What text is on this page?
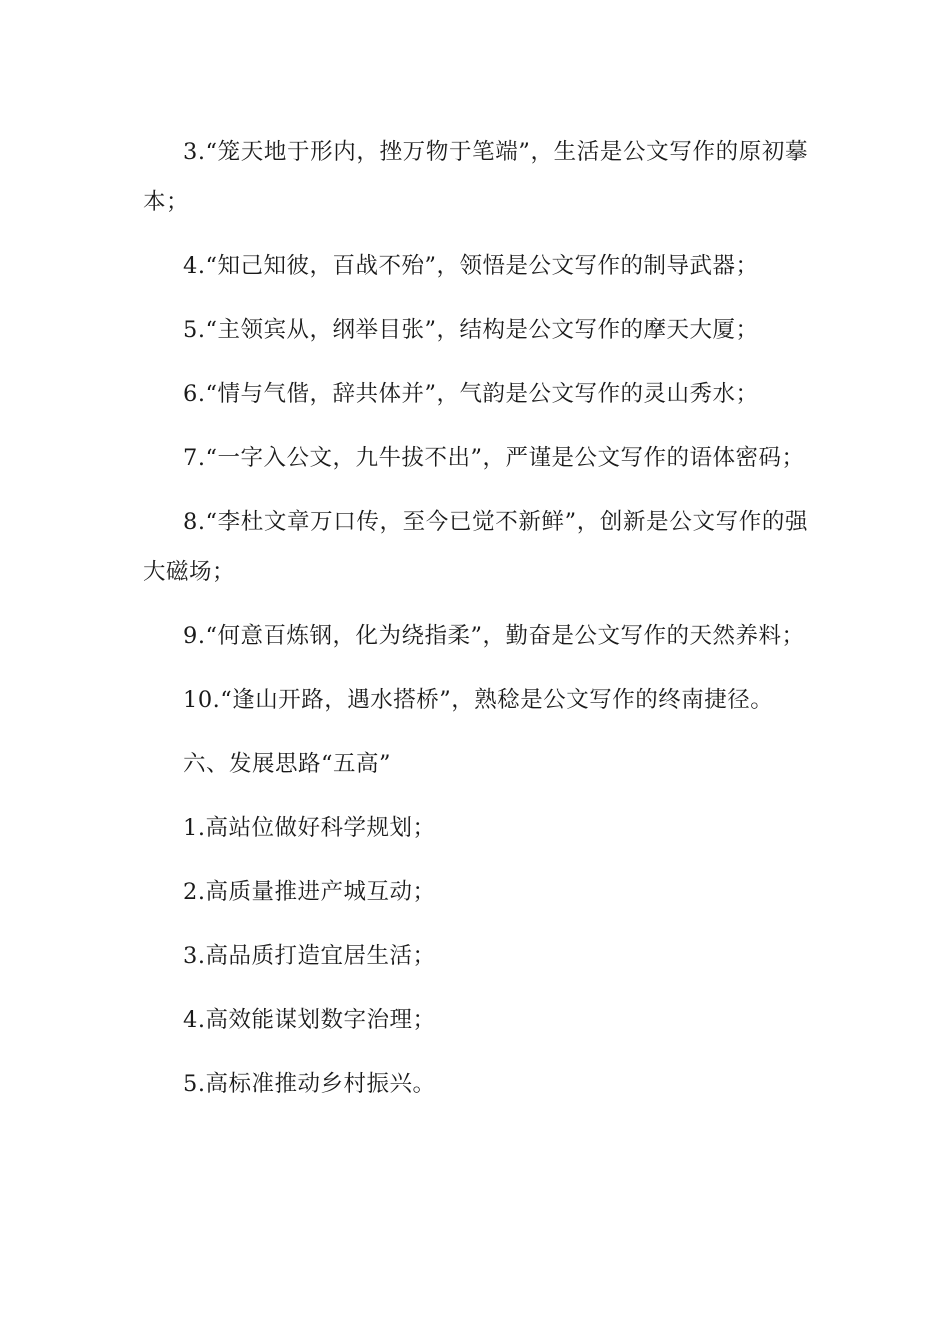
3.“笼天地于形内，挫万物于笔端”，生活是公文写作的原初摹本；

4.“知己知彼，百战不殆”，领悟是公文写作的制导武器；

5.“主领宾从，纲举目张”，结构是公文写作的摩天大厦；

6.“情与气偕，辞共体并”，气韵是公文写作的灵山秀水；

7.“一字入公文，九牛拔不出”，严谨是公文写作的语体密码；

8.“李杜文章万口传，至今已觉不新鲜”，创新是公文写作的强大磁场；

9.“何意百炼钢，化为绕指柔”，勤奋是公文写作的天然养料；

10.“逢山开路，遇水搭桥”，熟稔是公文写作的终南捷径。

六、发展思路“五高”

1.高站位做好科学规划；

2.高质量推进产城互动；

3.高品质打造宜居生活；

4.高效能谋划数字治理；

5.高标准推动乡村振兴。
